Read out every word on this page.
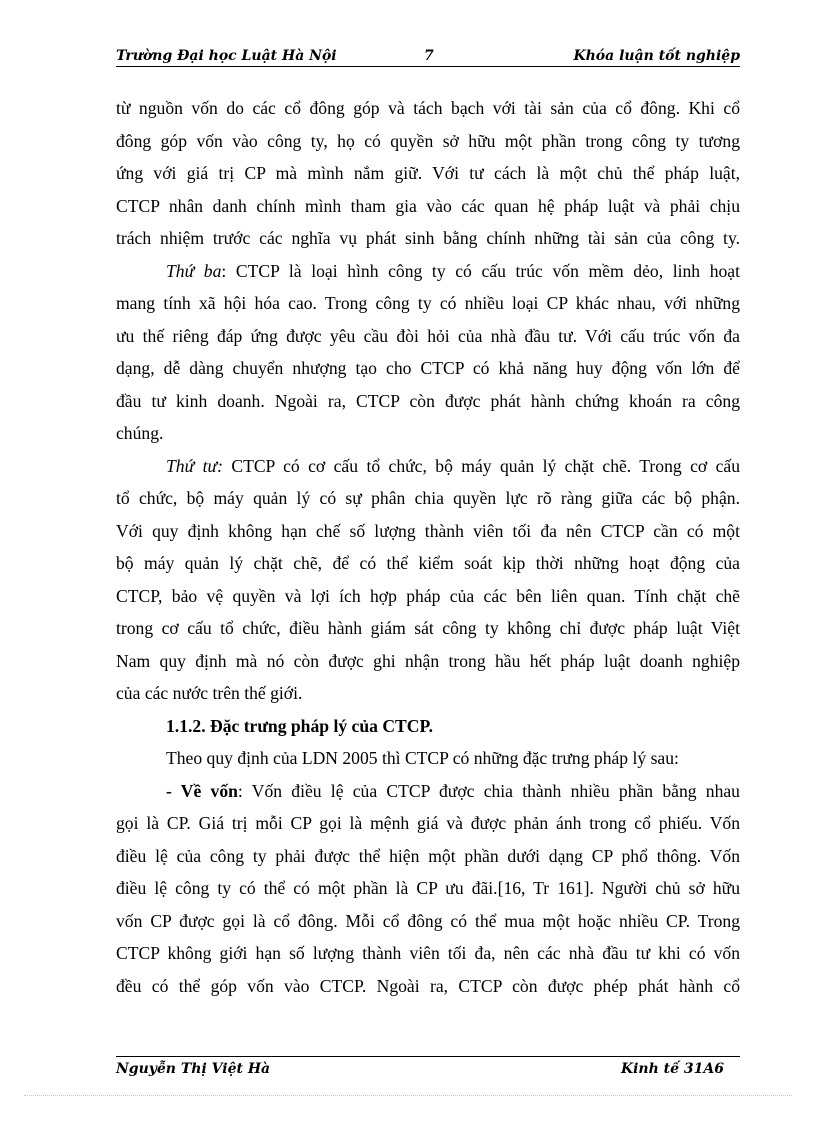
Trường Đại học Luật Hà Nội	7	Khóa luận tốt nghiệp

từ nguồn vốn do các cổ đông góp và tách bạch với tài sản của cổ đông. Khi cổ

đông góp vốn vào công ty, họ có quyền sở hữu một phần trong công ty tương

ứng với giá trị CP mà mình nắm giữ. Với tư cách là một chủ thể pháp luật,

CTCP nhân danh chính mình tham gia vào các quan hệ pháp luật và phải chịu

trách nhiệm trước các nghĩa vụ phát sinh bằng chính những tài sản của công ty.

Thứ ba: CTCP là loại hình công ty có cấu trúc vốn mềm dẻo, linh hoạt

mang tính xã hội hóa cao. Trong công ty có nhiều loại CP khác nhau, với những

ưu thế riêng đáp ứng được yêu cầu đòi hỏi của nhà đầu tư. Với cấu trúc vốn đa

dạng, dễ dàng chuyển nhượng tạo cho CTCP có khả năng huy động vốn lớn để

đầu tư kinh doanh. Ngoài ra, CTCP còn được phát hành chứng khoán ra công

chúng.

Thứ tư: CTCP có cơ cấu tổ chức, bộ máy quản lý chặt chẽ. Trong cơ cấu

tổ chức, bộ máy quản lý có sự phân chia quyền lực rõ ràng giữa các bộ phận.

Với quy định không hạn chế số lượng thành viên tối đa nên CTCP cần có một

bộ máy quản lý chặt chẽ, để có thể kiểm soát kịp thời những hoạt động của

CTCP, bảo vệ quyền và lợi ích hợp pháp của các bên liên quan. Tính chặt chẽ

trong cơ cấu tổ chức, điều hành giám sát công ty không chỉ được pháp luật Việt

Nam quy định mà nó còn được ghi nhận trong hầu hết pháp luật doanh nghiệp

của các nước trên thế giới.

1.1.2. Đặc trưng pháp lý của CTCP.

Theo quy định của LDN 2005 thì CTCP có những đặc trưng pháp lý sau:

- Về vốn: Vốn điều lệ của CTCP được chia thành nhiều phần bằng nhau

gọi là CP. Giá trị mỗi CP gọi là mệnh giá và được phản ánh trong cổ phiếu. Vốn

điều lệ của công ty phải được thể hiện một phần dưới dạng CP phổ thông. Vốn

điều lệ công ty có thể có một phần là CP ưu đãi.[16, Tr 161]. Người chủ sở hữu

vốn CP được gọi là cổ đông. Mỗi cổ đông có thể mua một hoặc nhiều CP. Trong

CTCP không giới hạn số lượng thành viên tối đa, nên các nhà đầu tư khi có vốn

đều có thể góp vốn vào CTCP. Ngoài ra, CTCP còn được phép phát hành cổ

Nguyễn Thị Việt Hà	Kinh tế 31A6
